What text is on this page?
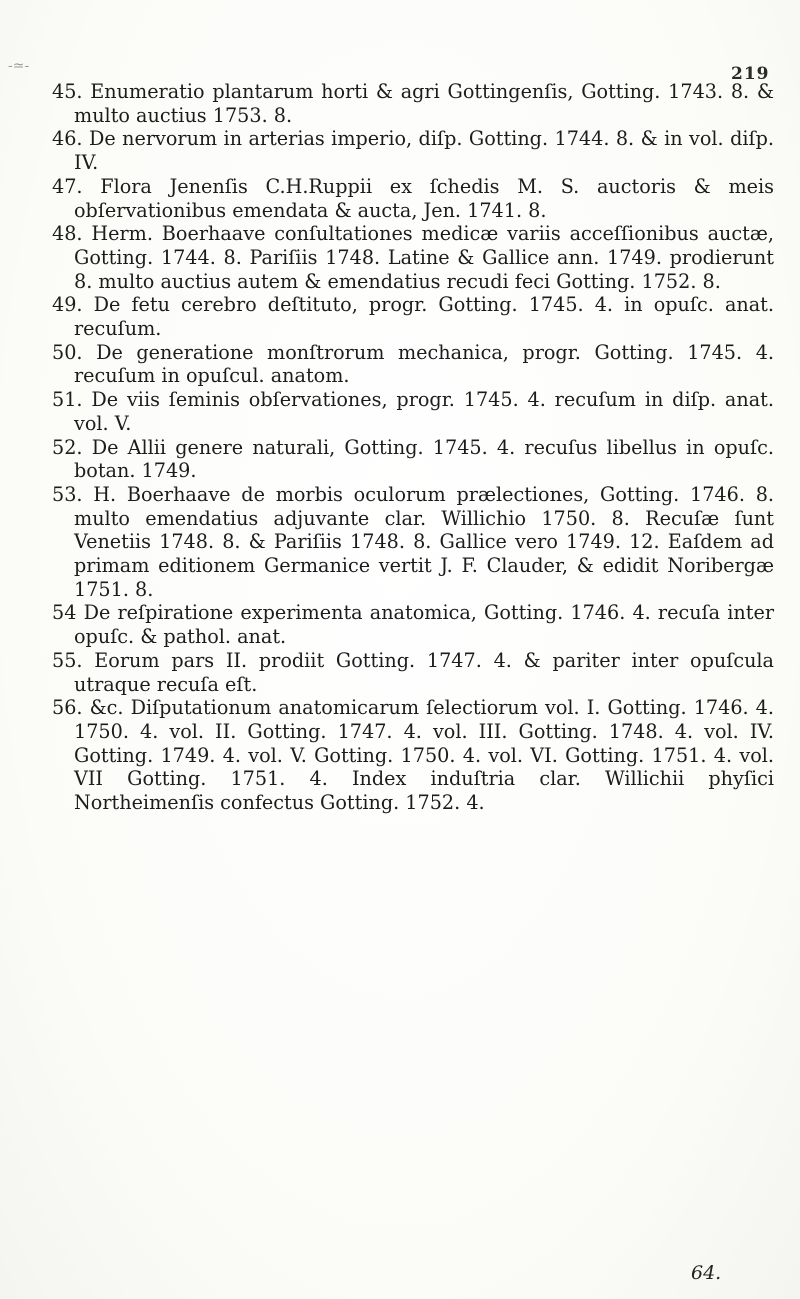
-≃-	219

45. Enumeratio plantarum horti & agri Gottingenſis, Gotting. 1743. 8. & multo auctius 1753. 8.

46. De nervorum in arterias imperio, diſp. Gotting. 1744. 8. & in vol. diſp. IV.

47. Flora Jenenſis C.H.Ruppii ex ſchedis M. S. auctoris & meis obſervationibus emendata & aucta, Jen. 1741. 8.

48. Herm. Boerhaave conſultationes medicæ variis acceſſionibus auctæ, Gotting. 1744. 8. Pariſiis 1748. Latine & Gallice ann. 1749. prodierunt 8. multo auctius autem & emendatius recudi feci Gotting. 1752. 8.

49. De fetu cerebro deſtituto, progr. Gotting. 1745. 4. in opuſc. anat. recuſum.

50. De generatione monſtrorum mechanica, progr. Gotting. 1745. 4. recuſum in opuſcul. anatom.

51. De viis ſeminis obſervationes, progr. 1745. 4. recuſum in diſp. anat. vol. V.

52. De Allii genere naturali, Gotting. 1745. 4. recuſus libellus in opuſc. botan. 1749.

53. H. Boerhaave de morbis oculorum prælectiones, Gotting. 1746. 8. multo emendatius adjuvante clar. Willichio 1750. 8. Recuſæ ſunt Venetiis 1748. 8. & Pariſiis 1748. 8. Gallice vero 1749. 12. Eaſdem ad primam editionem Germanice vertit J. F. Clauder, & edidit Noribergæ 1751. 8.

54 De reſpiratione experimenta anatomica, Gotting. 1746. 4. recuſa inter opuſc. & pathol. anat.

55. Eorum pars II. prodiit Gotting. 1747. 4. & pariter inter opuſcula utraque recuſa eſt.

56. &c. Diſputationum anatomicarum ſelectiorum vol. I. Gotting. 1746. 4. 1750. 4. vol. II. Gotting. 1747. 4. vol. III. Gotting. 1748. 4. vol. IV. Gotting. 1749. 4. vol. V. Gotting. 1750. 4. vol. VI. Gotting. 1751. 4. vol. VII Gotting. 1751. 4. Index induſtria clar. Willichii phyſici Northeimenſis confectus Gotting. 1752. 4.

64.
